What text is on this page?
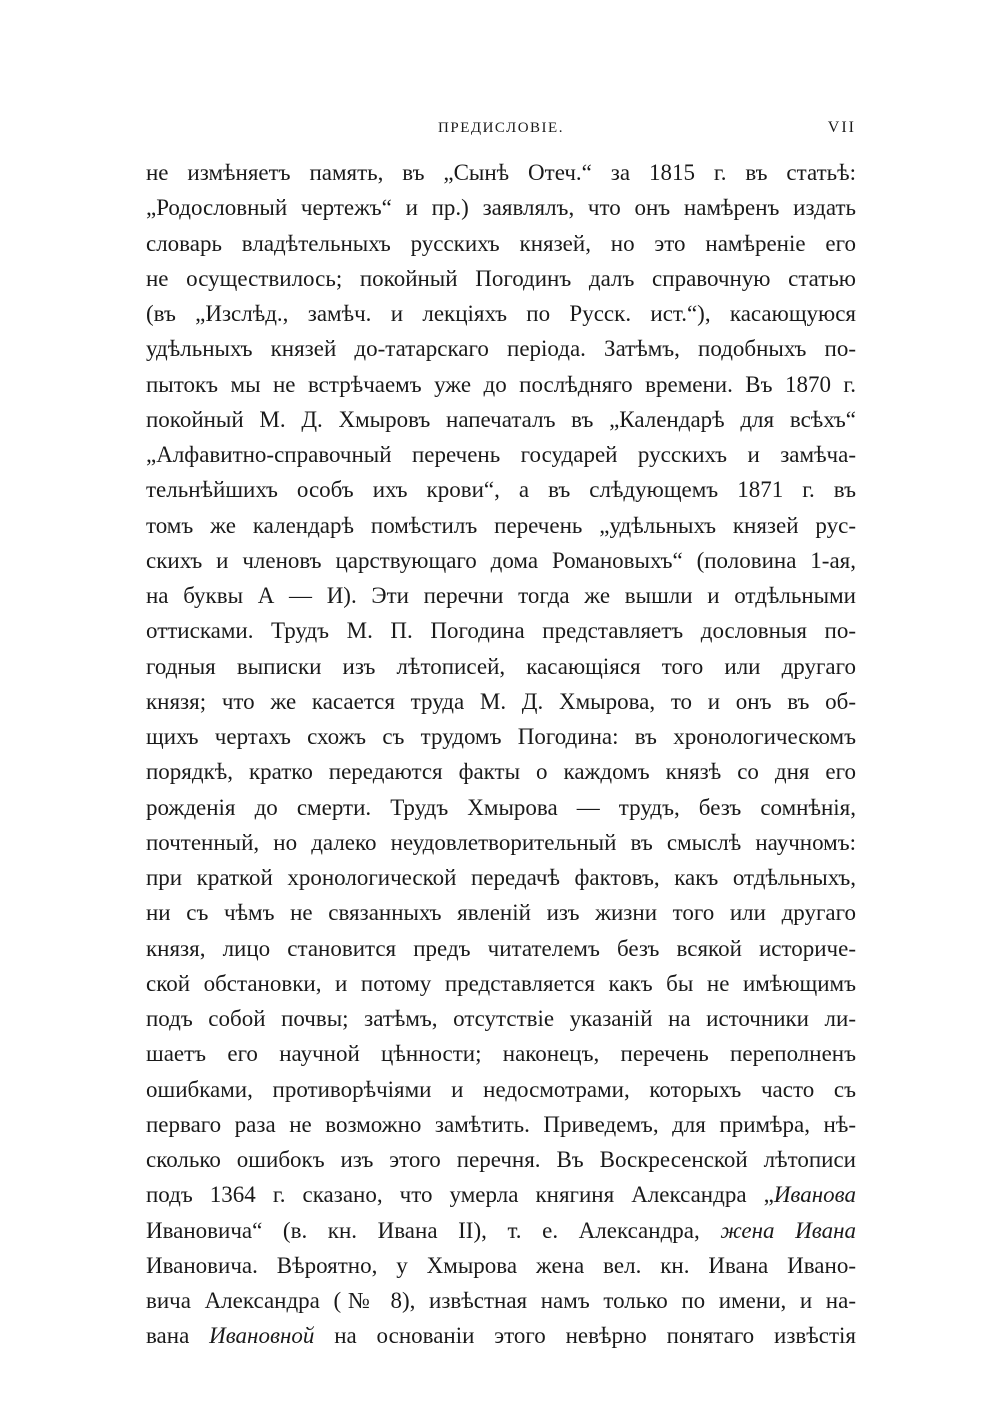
ПРЕДИСЛОВІЕ.	VII
не измѣняетъ память, въ „Сынѣ Отеч.“ за 1815 г. въ статьѣ:
„Родословный чертежъ“ и пр.) заявлялъ, что онъ намѣренъ издать
словарь владѣтельныхъ русскихъ князей, но это намѣреніе его
не осуществилось; покойный Погодинъ далъ справочную статью
(въ „Изслѣд., замѣч. и лекціяхъ по Русск. ист.“), касающуюся
удѣльныхъ князей до-татарскаго періода. Затѣмъ, подобныхъ по-
пытокъ мы не встрѣчаемъ уже до послѣдняго времени. Въ 1870 г.
покойный М. Д. Хмыровъ напечаталъ въ „Календарѣ для всѣхъ“
„Алфавитно-справочный перечень государей русскихъ и замѣча-
тельнѣйшихъ особъ ихъ крови“, а въ слѣдующемъ 1871 г. въ
томъ же календарѣ помѣстилъ перечень „удѣльныхъ князей рус-
скихъ и членовъ царствующаго дома Романовыхъ“ (половина 1-ая,
на буквы А — И). Эти перечни тогда же вышли и отдѣльными
оттисками. Трудъ М. П. Погодина представляетъ дословныя по-
годныя выписки изъ лѣтописей, касающіяся того или другаго
князя; что же касается труда М. Д. Хмырова, то и онъ въ об-
щихъ чертахъ схожъ съ трудомъ Погодина: въ хронологическомъ
порядкѣ, кратко передаются факты о каждомъ князѣ со дня его
рожденія до смерти. Трудъ Хмырова — трудъ, безъ сомнѣнія,
почтенный, но далеко неудовлетворительный въ смыслѣ научномъ:
при краткой хронологической передачѣ фактовъ, какъ отдѣльныхъ,
ни съ чѣмъ не связанныхъ явленій изъ жизни того или другаго
князя, лицо становится предъ читателемъ безъ всякой историче-
ской обстановки, и потому представляется какъ бы не имѣющимъ
подъ собой почвы; затѣмъ, отсутствіе указаній на источники ли-
шаетъ его научной цѣнности; наконецъ, перечень переполненъ
ошибками, противорѣчіями и недосмотрами, которыхъ часто съ
перваго раза не возможно замѣтить. Приведемъ, для примѣра, нѣ-
сколько ошибокъ изъ этого перечня. Въ Воскресенской лѣтописи
подъ 1364 г. сказано, что умерла княгиня Александра „Иванова
Ивановича“ (в. кн. Ивана II), т. е. Александра, жена Ивана
Ивановича. Вѣроятно, у Хмырова жена вел. кн. Ивана Ивано-
вича Александра (№ 8), извѣстная намъ только по имени, и на-
вана Ивановной на основаніи этого невѣрно понятаго извѣстія
